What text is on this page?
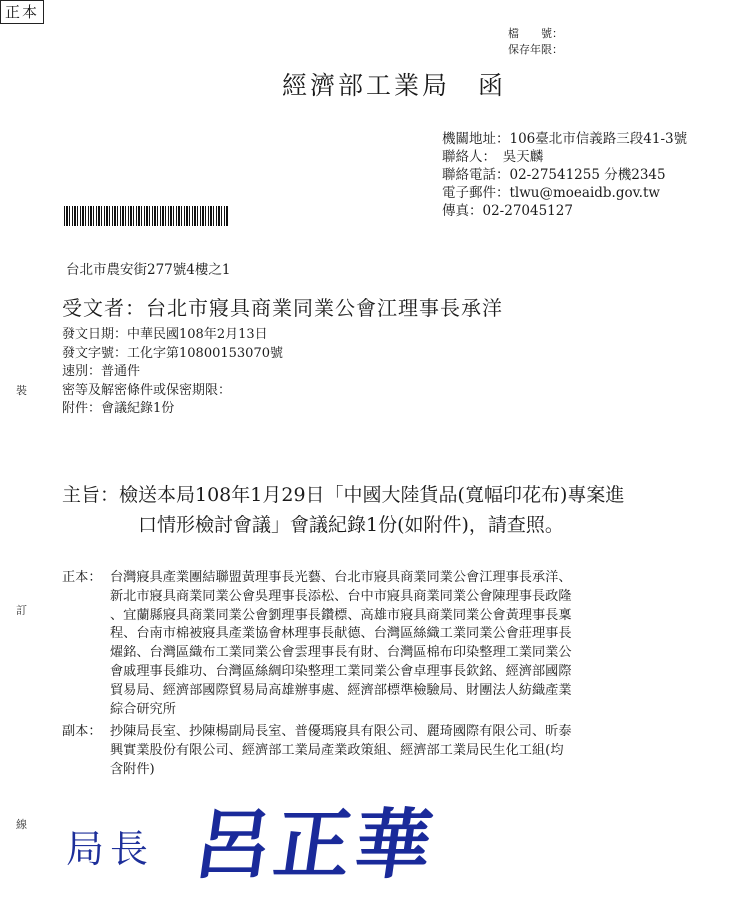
正本
檔　　號：
保存年限：
經濟部工業局　函
機關地址：106臺北市信義路三段41-3號
聯絡人：　吳天麟
聯絡電話：02-27541255 分機2345
電子郵件：tlwu@moeaidb.gov.tw
傳真：02-27045127
台北市農安街277號4樓之1
受文者：台北市寢具商業同業公會江理事長承洋
發文日期：中華民國108年2月13日
發文字號：工化字第10800153070號
速別：普通件
密等及解密條件或保密期限：
附件：會議紀錄1份
主旨：檢送本局108年1月29日「中國大陸貨品(寬幅印花布)專案進
口情形檢討會議」會議紀錄1份(如附件)，請查照。
正本： 台灣寢具產業團結聯盟黃理事長光藝、台北市寢具商業同業公會江理事長承洋、
新北市寢具商業同業公會吳理事長添松、台中市寢具商業同業公會陳理事長政隆
、宜蘭縣寢具商業同業公會劉理事長鑽標、高雄市寢具商業同業公會黃理事長稟
程、台南市棉被寢具產業協會林理事長献德、台灣區絲織工業同業公會莊理事長
燿銘、台灣區織布工業同業公會雲理事長有財、台灣區棉布印染整理工業同業公
會戚理事長維功、台灣區絲綢印染整理工業同業公會卓理事長欽銘、經濟部國際
貿易局、經濟部國際貿易局高雄辦事處、經濟部標準檢驗局、財團法人紡織產業
綜合研究所
副本： 抄陳局長室、抄陳楊副局長室、普優瑪寢具有限公司、麗琦國際有限公司、昕泰
興實業股份有限公司、經濟部工業局產業政策組、經濟部工業局民生化工組(均
含附件)
裝
訂
線
局長 呂正華
